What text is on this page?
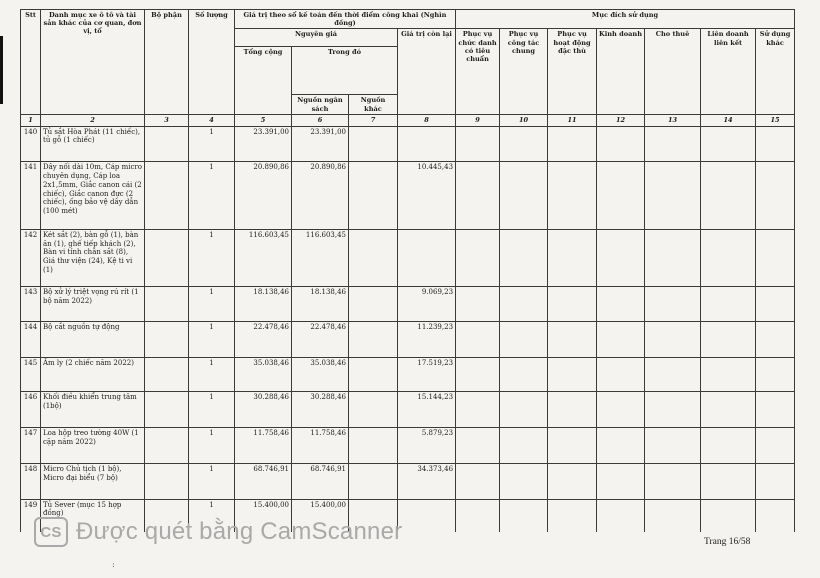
Stt	Danh mục xe ô tô và tài sản khác của cơ quan, đơn vị, tổ	Bộ phận	Số lượng	Giá trị theo sổ kế toán đến thời điểm công khai (Nghìn đồng)				Mục đích sử dụng						
				Nguyên giá			Giá trị còn lại	Phục vụ chức danh có tiêu chuẩn	Phục vụ công tác chung	Phục vụ hoạt động đặc thù	Kinh doanh	Cho thuê	Liên doanh liên kết	Sử dụng khác
				Tổng cộng	Trong đó									
					Nguồn ngân sách	Nguồn khác								
1	2	3	4	5	6	7	8	9	10	11	12	13	14	15
140	Tủ sắt Hòa Phát (11 chiếc), tủ gỗ (1 chiếc)		1	23.391,00	23.391,00									
141	Dây nối dài 10m, Cáp micro chuyên dụng, Cáp loa 2x1,5mm, Giắc canon cái (2 chiếc), Giắc canon đực (2 chiếc), ống bảo vệ dây dẫn (100 mét)		1	20.890,86	20.890,86		10.445,43							
142	Két sắt (2), bàn gỗ (1), bàn ăn (1), ghế tiếp khách (2), Bàn vi tính chân sắt (8), Giá thư viện (24), Kệ ti vi (1)		1	116.603,45	116.603,45									
143	Bộ xử lý triệt vọng rú rít (1 bộ năm 2022)		1	18.138,46	18.138,46		9.069,23							
144	Bộ cắt nguồn tự động		1	22.478,46	22.478,46		11.239,23							
145	Âm ly (2 chiếc năm 2022)		1	35.038,46	35.038,46		17.519,23							
146	Khối điều khiển trung tâm (1bộ)		1	30.288,46	30.288,46		15.144,23							
147	Loa hộp treo tường 40W (1 cặp năm 2022)		1	11.758,46	11.758,46		5.879,23							
148	Micro Chủ tịch (1 bộ), Micro đại biểu (7 bộ)		1	68.746,91	68.746,91		34.373,46							
149	Tủ Sever (mục 15 hợp đồng)		1	15.400,00	15.400,00									
CS Được quét bằng CamScanner	Trang 16/58
:
